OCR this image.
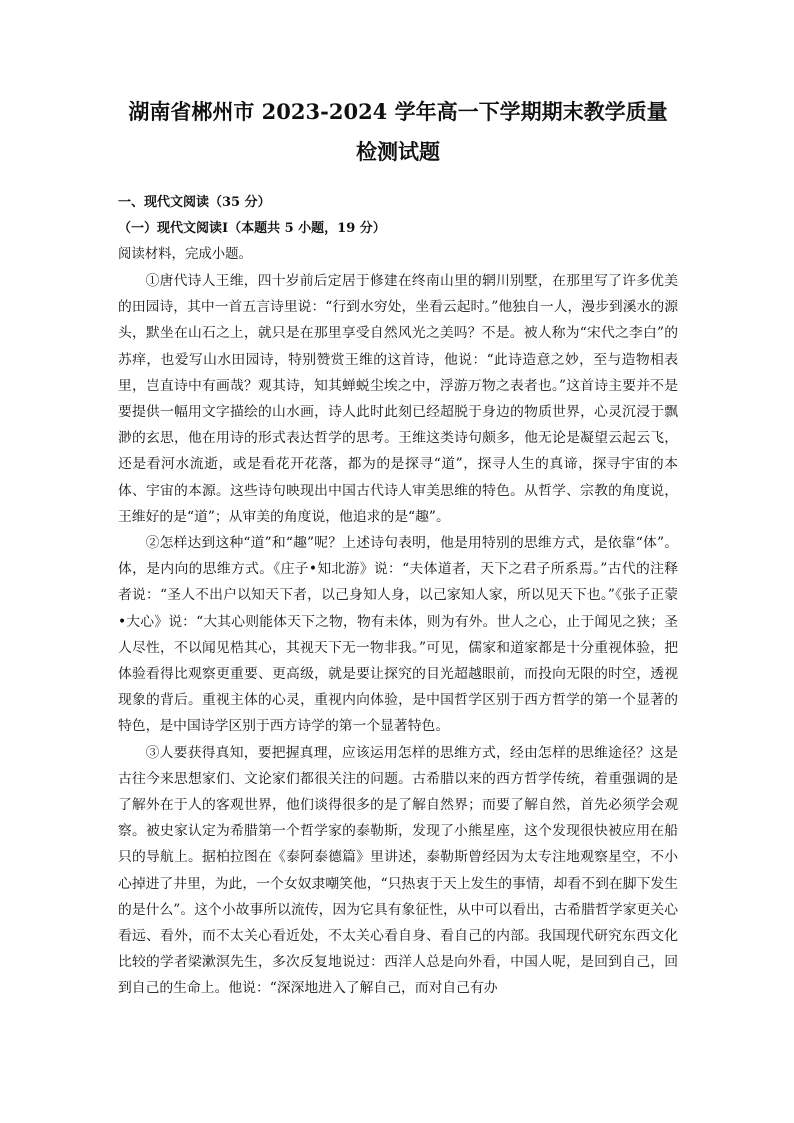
湖南省郴州市 2023-2024 学年高一下学期期末教学质量
检测试题
一、现代文阅读（35 分）
（一）现代文阅读Ⅰ（本题共 5 小题，19 分）
阅读材料，完成小题。

①唐代诗人王维，四十岁前后定居于修建在终南山里的辋川别墅，在那里写了许多优美的田园诗，其中一首五言诗里说：“行到水穷处，坐看云起时。”他独自一人，漫步到溪水的源头，默坐在山石之上，就只是在那里享受自然风光之美吗？不是。被人称为“宋代之李白”的苏痒，也爱写山水田园诗，特别赞赏王维的这首诗，他说：“此诗造意之妙，至与造物相表里，岂直诗中有画哉？观其诗，知其蝉蜕尘埃之中，浮游万物之表者也。”这首诗主要并不是要提供一幅用文字描绘的山水画，诗人此时此刻已经超脱于身边的物质世界，心灵沉浸于飘渺的玄思，他在用诗的形式表达哲学的思考。王维这类诗句颇多，他无论是凝望云起云飞，还是看河水流逝，或是看花开花落，都为的是探寻“道”，探寻人生的真谛，探寻宇宙的本体、宇宙的本源。这些诗句映现出中国古代诗人审美思维的特色。从哲学、宗教的角度说，王维好的是“道”；从审美的角度说，他追求的是“趣”。

②怎样达到这种“道”和“趣”呢？上述诗句表明，他是用特别的思维方式，是依靠“体”。体，是内向的思维方式。《庄子•知北游》说：“夫体道者，天下之君子所系焉。”古代的注释者说：“圣人不出户以知天下者，以己身知人身，以己家知人家，所以见天下也。”《张子正蒙•大心》说：“大其心则能体天下之物，物有未体，则为有外。世人之心，止于闻见之狭；圣人尽性，不以闻见梏其心，其视天下无一物非我。”可见，儒家和道家都是十分重视体验，把体验看得比观察更重要、更高级，就是要让探究的目光超越眼前，而投向无限的时空，透视现象的背后。重视主体的心灵，重视内向体验，是中国哲学区别于西方哲学的第一个显著的特色，是中国诗学区别于西方诗学的第一个显著特色。

③人要获得真知，要把握真理，应该运用怎样的思维方式，经由怎样的思维途径？这是古往今来思想家们、文论家们都很关注的问题。古希腊以来的西方哲学传统，着重强调的是了解外在于人的客观世界，他们谈得很多的是了解自然界；而要了解自然，首先必须学会观察。被史家认定为希腊第一个哲学家的泰勒斯，发现了小熊星座，这个发现很快被应用在船只的导航上。据柏拉图在《泰阿泰德篇》里讲述，泰勒斯曾经因为太专注地观察星空，不小心掉进了井里，为此，一个女奴隶嘲笑他，“只热衷于天上发生的事情，却看不到在脚下发生的是什么”。这个小故事所以流传，因为它具有象征性，从中可以看出，古希腊哲学家更关心看远、看外，而不太关心看近处，不太关心看自身、看自己的内部。我国现代研究东西文化比较的学者梁漱溟先生，多次反复地说过：西洋人总是向外看，中国人呢，是回到自己，回到自己的生命上。他说：“深深地进入了解自己，而对自己有办
